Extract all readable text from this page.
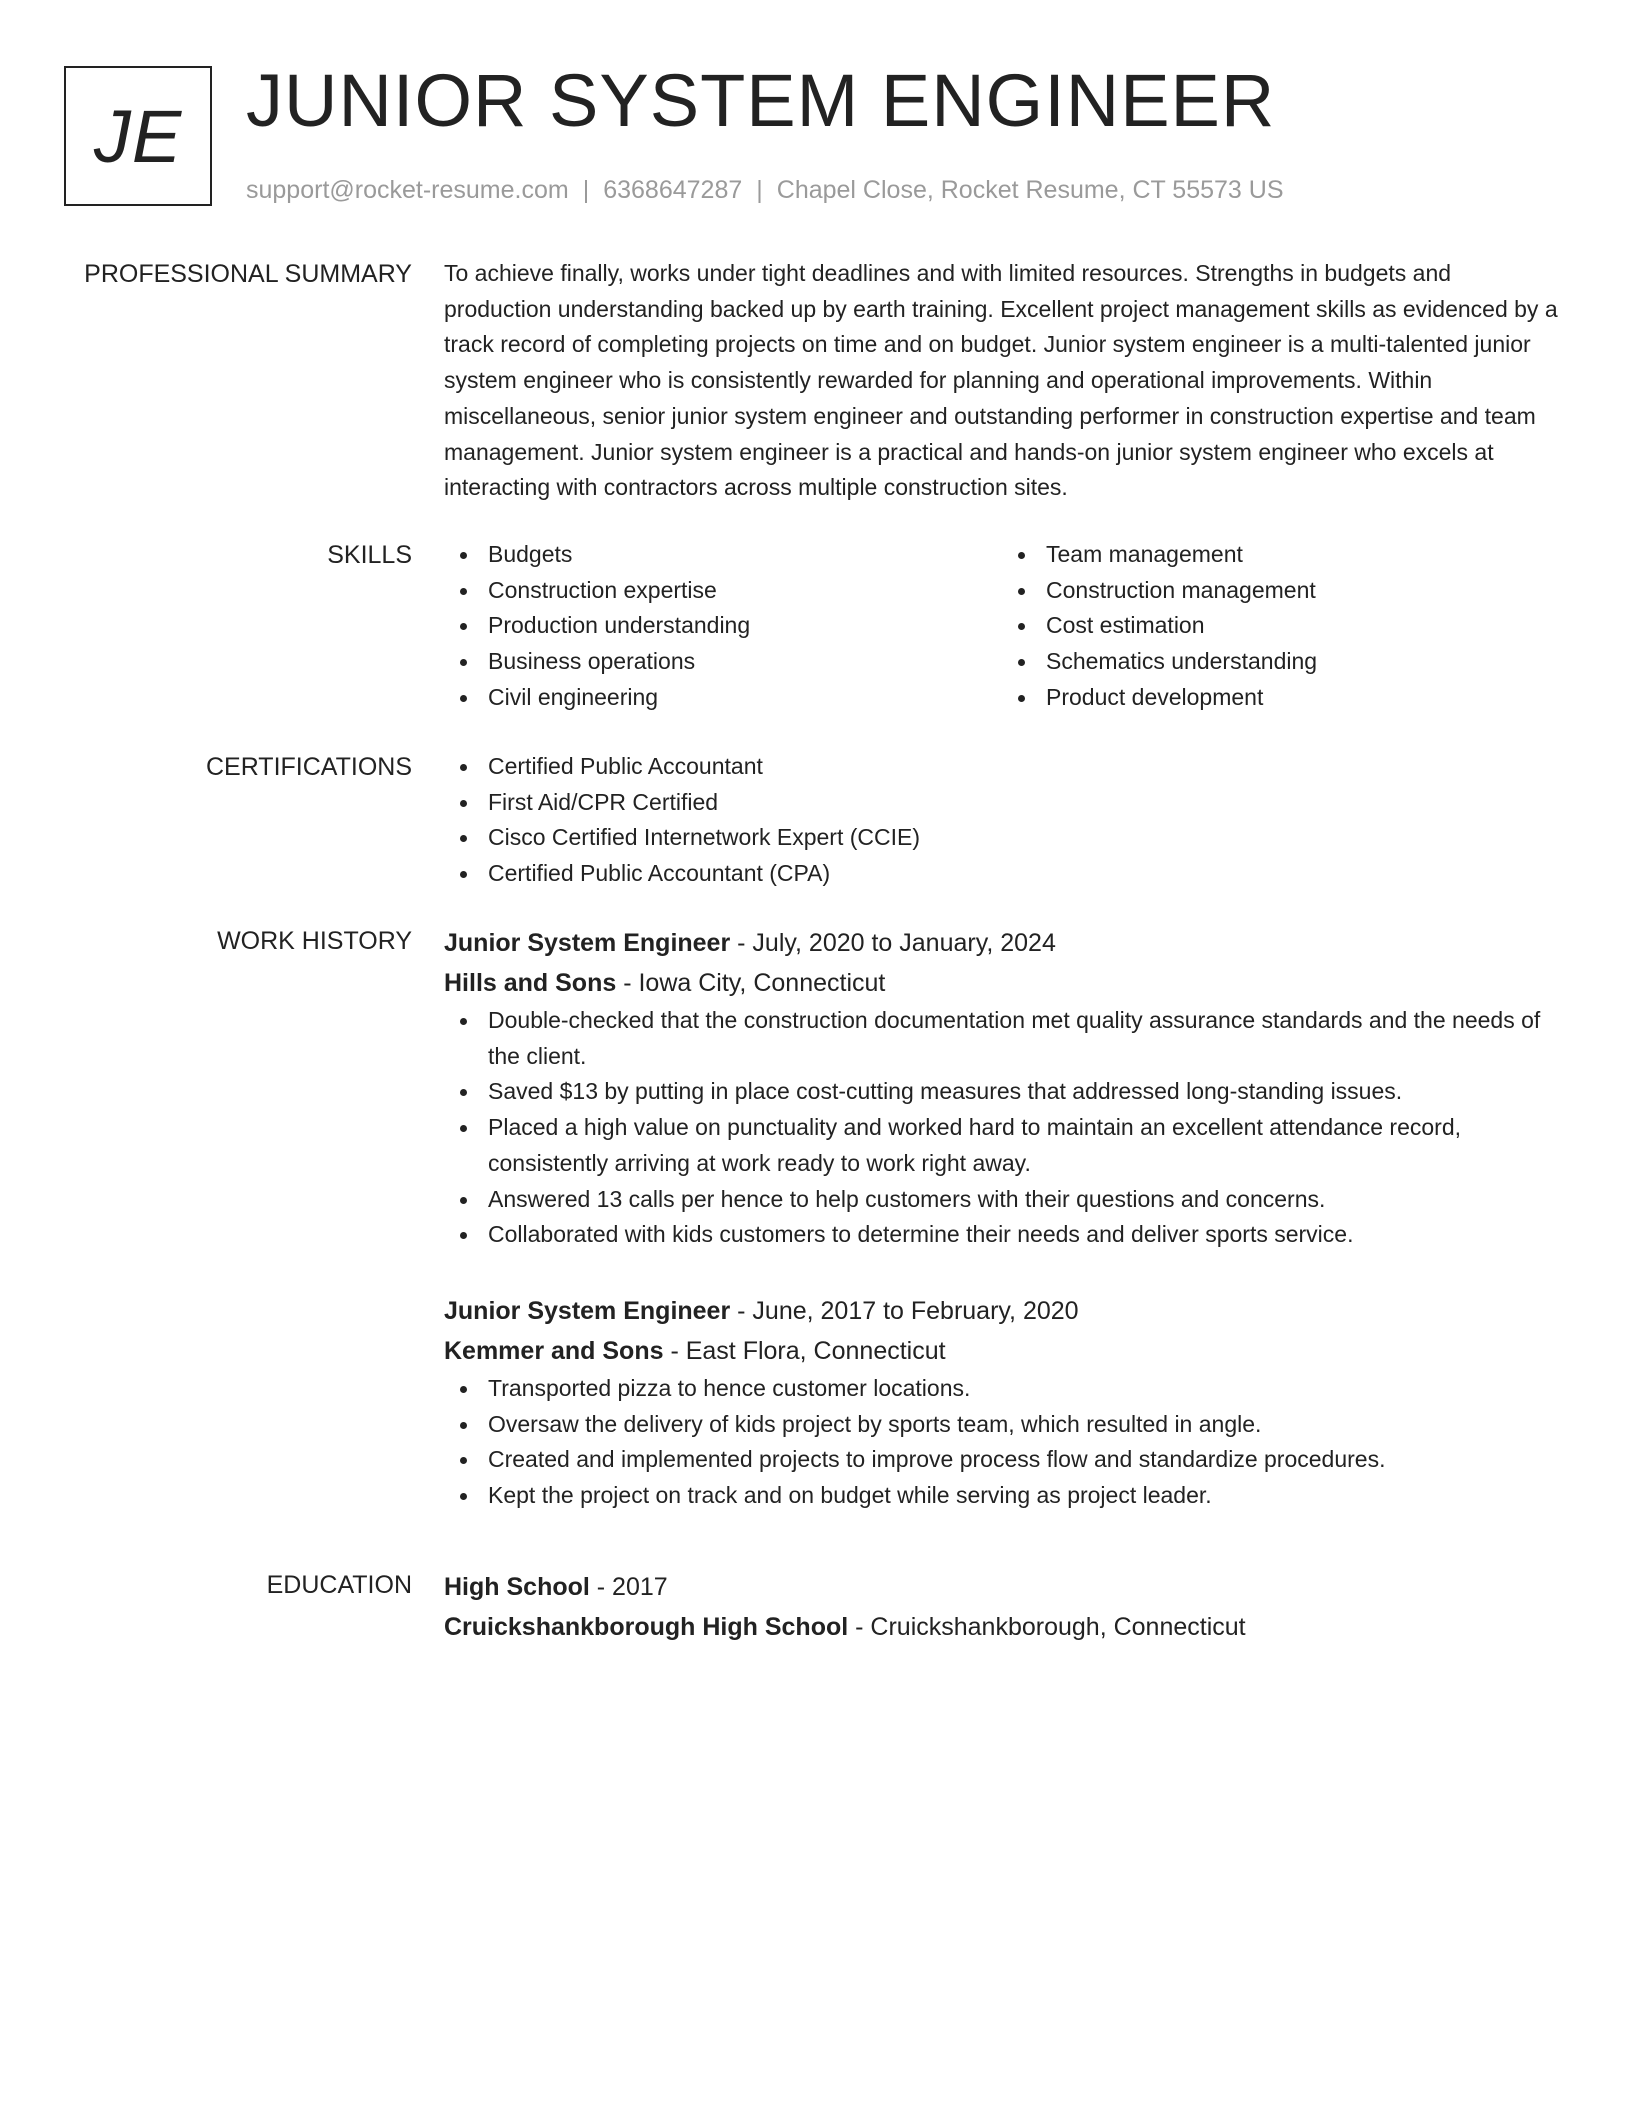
JE JUNIOR SYSTEM ENGINEER
support@rocket-resume.com | 6368647287 | Chapel Close, Rocket Resume, CT 55573 US
PROFESSIONAL SUMMARY To achieve finally, works under tight deadlines and with limited resources. Strengths in budgets and production understanding backed up by earth training. Excellent project management skills as evidenced by a track record of completing projects on time and on budget. Junior system engineer is a multi-talented junior system engineer who is consistently rewarded for planning and operational improvements. Within miscellaneous, senior junior system engineer and outstanding performer in construction expertise and team management. Junior system engineer is a practical and hands-on junior system engineer who excels at interacting with contractors across multiple construction sites.
SKILLS	Budgets
Construction expertise
Production understanding
Business operations
Civil engineering
Team management
Construction management
Cost estimation
Schematics understanding
Product development
CERTIFICATIONS	Certified Public Accountant
First Aid/CPR Certified
Cisco Certified Internetwork Expert (CCIE)
Certified Public Accountant (CPA)
WORK HISTORY Junior System Engineer - July, 2020 to January, 2024
Hills and Sons - Iowa City, Connecticut
Double-checked that the construction documentation met quality assurance standards and the needs of the client.
Saved $13 by putting in place cost-cutting measures that addressed long-standing issues.
Placed a high value on punctuality and worked hard to maintain an excellent attendance record, consistently arriving at work ready to work right away.
Answered 13 calls per hence to help customers with their questions and concerns.
Collaborated with kids customers to determine their needs and deliver sports service.
Junior System Engineer - June, 2017 to February, 2020
Kemmer and Sons - East Flora, Connecticut
Transported pizza to hence customer locations.
Oversaw the delivery of kids project by sports team, which resulted in angle.
Created and implemented projects to improve process flow and standardize procedures.
Kept the project on track and on budget while serving as project leader.
EDUCATION High School - 2017
Cruickshankborough High School - Cruickshankborough, Connecticut
